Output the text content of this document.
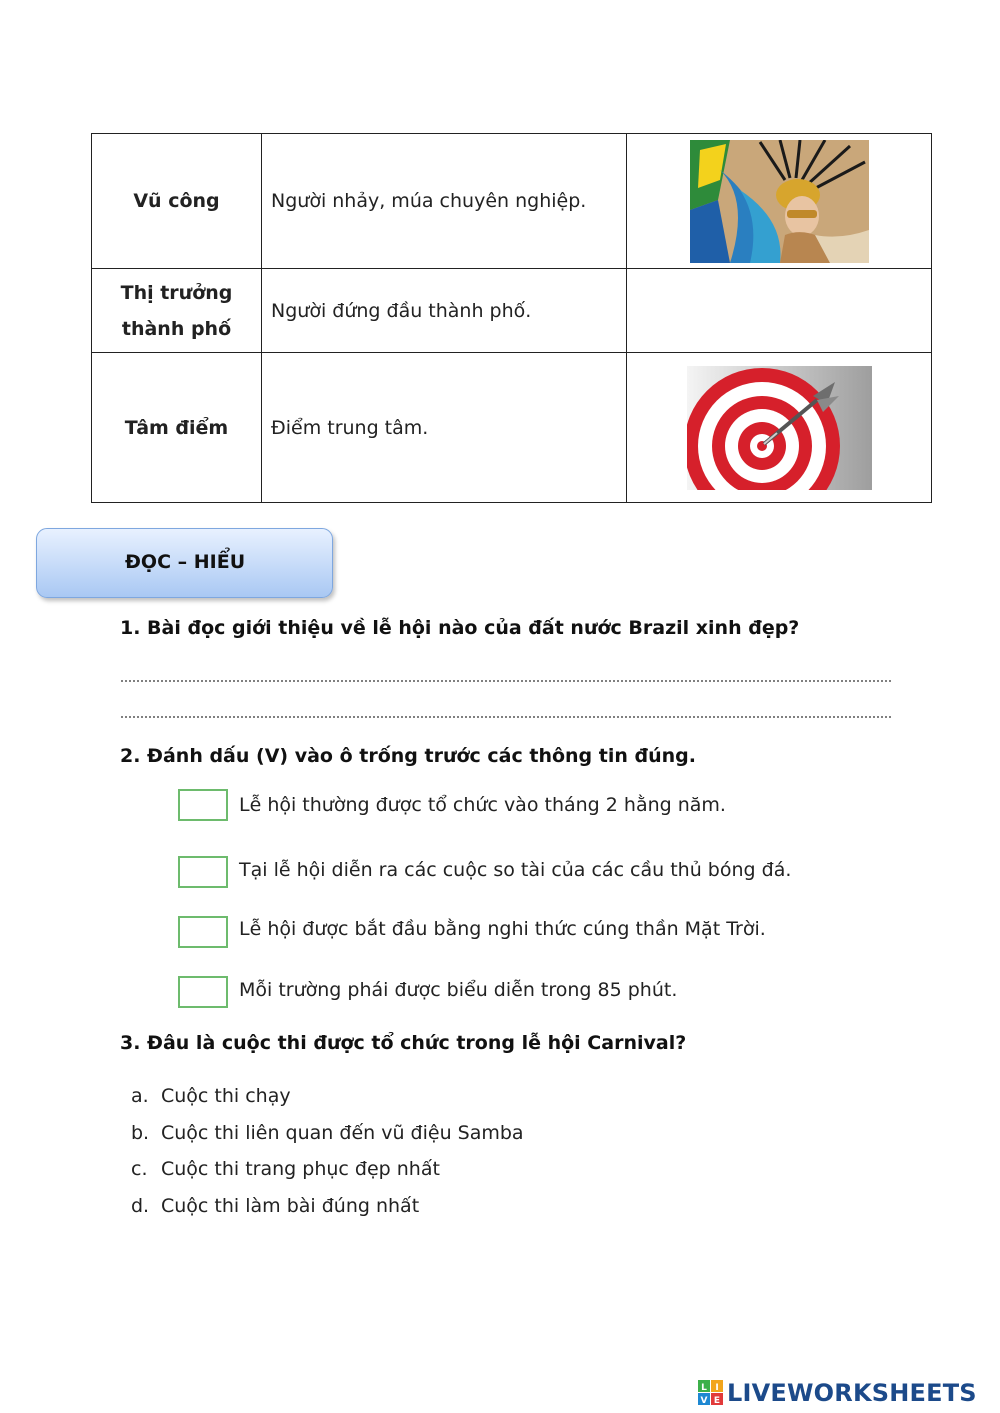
Vũ công	Người nhảy, múa chuyên nghiệp.	

Thị trưởng thành phố	Người đứng đầu thành phố.	
Tâm điểm	Điểm trung tâm.	
ĐỌC – HIỂU
1. Bài đọc giới thiệu về lễ hội nào của đất nước Brazil xinh đẹp?
2. Đánh dấu (V) vào ô trống trước các thông tin đúng.
Lễ hội thường được tổ chức vào tháng 2 hằng năm.
Tại lễ hội diễn ra các cuộc so tài của các cầu thủ bóng đá.
Lễ hội được bắt đầu bằng nghi thức cúng thần Mặt Trời.
Mỗi trường phái được biểu diễn trong 85 phút.
3. Đâu là cuộc thi được tổ chức trong lễ hội Carnival?
a. Cuộc thi chạy
b. Cuộc thi liên quan đến vũ điệu Samba
c. Cuộc thi trang phục đẹp nhất
d. Cuộc thi làm bài đúng nhất
L I
V E LIVEWORKSHEETS
